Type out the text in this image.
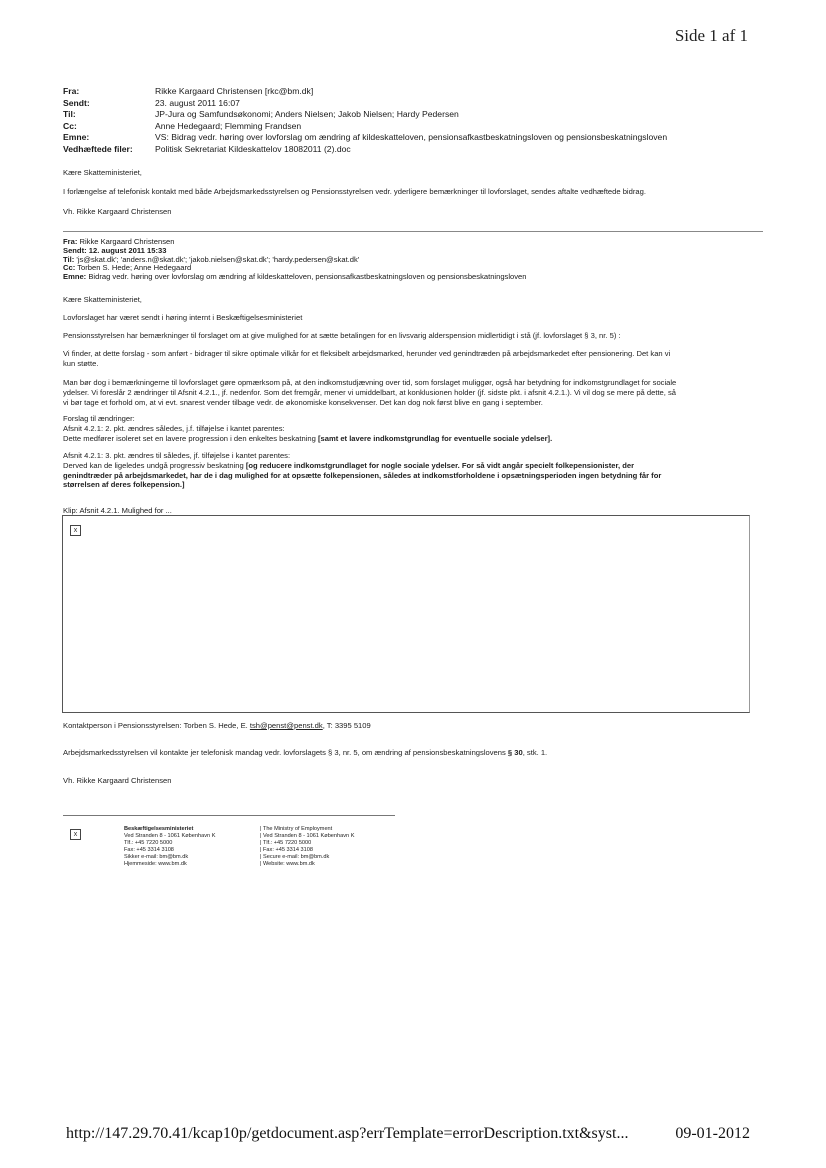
Side 1 af 1
Fra:	Rikke Kargaard Christensen [rkc@bm.dk]
Sendt:	23. august 2011 16:07
Til:	JP-Jura og Samfundsøkonomi; Anders Nielsen; Jakob Nielsen; Hardy Pedersen
Cc:	Anne Hedegaard; Flemming Frandsen
Emne:	VS: Bidrag vedr. høring over lovforslag om ændring af kildeskatteloven, pensionsafkastbeskatningsloven og pensionsbeskatningsloven
Vedhæftede filer:	Politisk Sekretariat Kildeskattelov 18082011 (2).doc
Kære Skatteministeriet,
I forlængelse af telefonisk kontakt med både Arbejdsmarkedsstyrelsen og Pensionsstyrelsen vedr. yderligere bemærkninger til lovforslaget, sendes aftalte vedhæftede bidrag.
Vh. Rikke Kargaard Christensen
Fra: Rikke Kargaard Christensen
Sendt: 12. august 2011 15:33
Til: 'js@skat.dk'; 'anders.n@skat.dk'; 'jakob.nielsen@skat.dk'; 'hardy.pedersen@skat.dk'
Cc: Torben S. Hede; Anne Hedegaard
Emne: Bidrag vedr. høring over lovforslag om ændring af kildeskatteloven, pensionsafkastbeskatningsloven og pensionsbeskatningsloven
Kære Skatteministeriet,
Lovforslaget har været sendt i høring internt i Beskæftigelsesministeriet
Pensionsstyrelsen har bemærkninger til forslaget om at give mulighed for at sætte betalingen for en livsvarig alderspension midlertidigt i stå (jf. lovforslaget § 3, nr. 5) :
Vi finder, at dette forslag - som anført - bidrager til sikre optimale vilkår for et fleksibelt arbejdsmarked, herunder ved genindtræden på arbejdsmarkedet efter pensionering. Det kan vi
kun støtte.
Man bør dog i bemærkningerne til lovforslaget gøre opmærksom på, at den indkomstudjævning over tid, som forslaget muliggør, også har betydning for indkomstgrundlaget for sociale
ydelser. Vi foreslår 2 ændringer til Afsnit 4.2.1., jf. nedenfor. Som det fremgår, mener vi umiddelbart, at konklusionen holder (jf. sidste pkt. i afsnit 4.2.1.). Vi vil dog se mere på dette, så
vi bør tage et forhold om, at vi evt. snarest vender tilbage vedr. de økonomiske konsekvenser. Det kan dog nok først blive en gang i september.
Forslag til ændringer:
Afsnit 4.2.1: 2. pkt. ændres således, j.f. tilføjelse i kantet parentes:
Dette medfører isoleret set en lavere progression i den enkeltes beskatning [samt et lavere indkomstgrundlag for eventuelle sociale ydelser].
Afsnit 4.2.1: 3. pkt. ændres til således, jf. tilføjelse i kantet parentes:
Derved kan de ligeledes undgå progressiv beskatning [og reducere indkomstgrundlaget for nogle sociale ydelser. For så vidt angår specielt folkepensionister, der
genindtræder på arbejdsmarkedet, har de i dag mulighed for at opsætte folkepensionen, således at indkomstforholdene i opsætningsperioden ingen betydning får for
størrelsen af deres folkepension.]
Klip: Afsnit 4.2.1. Mulighed for ...
x
Kontaktperson i Pensionsstyrelsen: Torben S. Hede, E. tsh@penst@penst.dk, T: 3395 5109
Arbejdsmarkedsstyrelsen vil kontakte jer telefonisk mandag vedr. lovforslagets § 3, nr. 5, om ændring af pensionsbeskatningslovens § 30, stk. 1.
Vh. Rikke Kargaard Christensen
x
Beskæftigelsesministeriet
Ved Stranden 8 - 1061 København K
Tlf.: +45 7220 5000
Fax: +45 3314 3108
Sikker e-mail: bm@bm.dk
Hjemmeside: www.bm.dk
| The Ministry of Employment
| Ved Stranden 8 - 1061 København K
| Tlf.: +45 7220 5000
| Fax: +45 3314 3108
| Secure e-mail: bm@bm.dk
| Website: www.bm.dk
http://147.29.70.41/kcap10p/getdocument.asp?errTemplate=errorDescription.txt&syst...	09-01-2012
